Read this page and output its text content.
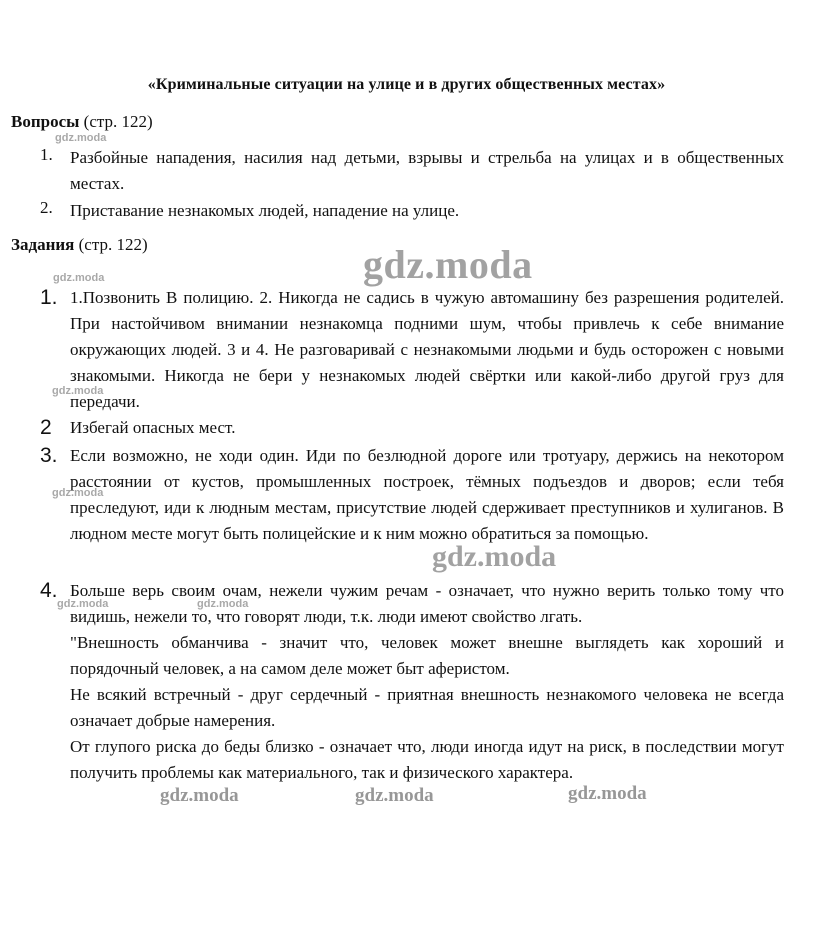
«Криминальные ситуации на улице и в других общественных местах»
Вопросы (стр. 122)
1. Разбойные нападения, насилия над детьми, взрывы и стрельба на улицах и в общественных местах.
2. Приставание незнакомых людей, нападение на улице.
Задания (стр. 122)
1. 1.Позвонить В полицию. 2. Никогда не садись в чужую автомашину без разрешения родителей. При настойчивом внимании незнакомца подними шум, чтобы привлечь к себе внимание окружающих людей. 3 и 4. Не разговаривай с незнакомыми людьми и будь осторожен с новыми знакомыми. Никогда не бери у незнакомых людей свёртки или какой-либо другой груз для передачи.

2 Избегай опасных мест.

3. Если возможно, не ходи один. Иди по безлюдной дороге или тротуару, держись на некотором расстоянии от кустов, промышленных построек, тёмных подъездов и дворов; если тебя преследуют, иди к людным местам, присутствие людей сдерживает преступников и хулиганов. В людном месте могут быть полицейские и к ним можно обратиться за помощью.

4. Больше верь своим очам, нежели чужим речам - означает, что нужно верить только тому что видишь, нежели то, что говорят люди, т.к. люди имеют свойство лгать.

"Внешность обманчива - значит что, человек может внешне выглядеть как хороший и порядочный человек, а на самом деле может быт аферистом.

Не всякий встречный - друг сердечный - приятная внешность незнакомого человека не всегда означает добрые намерения.

От глупого риска до беды близко - означает что, люди иногда идут на риск, в последствии могут получить проблемы как материального, так и физического характера.

gdz.moda
gdz.moda
gdz.moda
gdz.moda
gdz.moda	gdz.moda
gdz.moda
gdz.moda
gdz.moda	gdz.moda	gdz.moda
